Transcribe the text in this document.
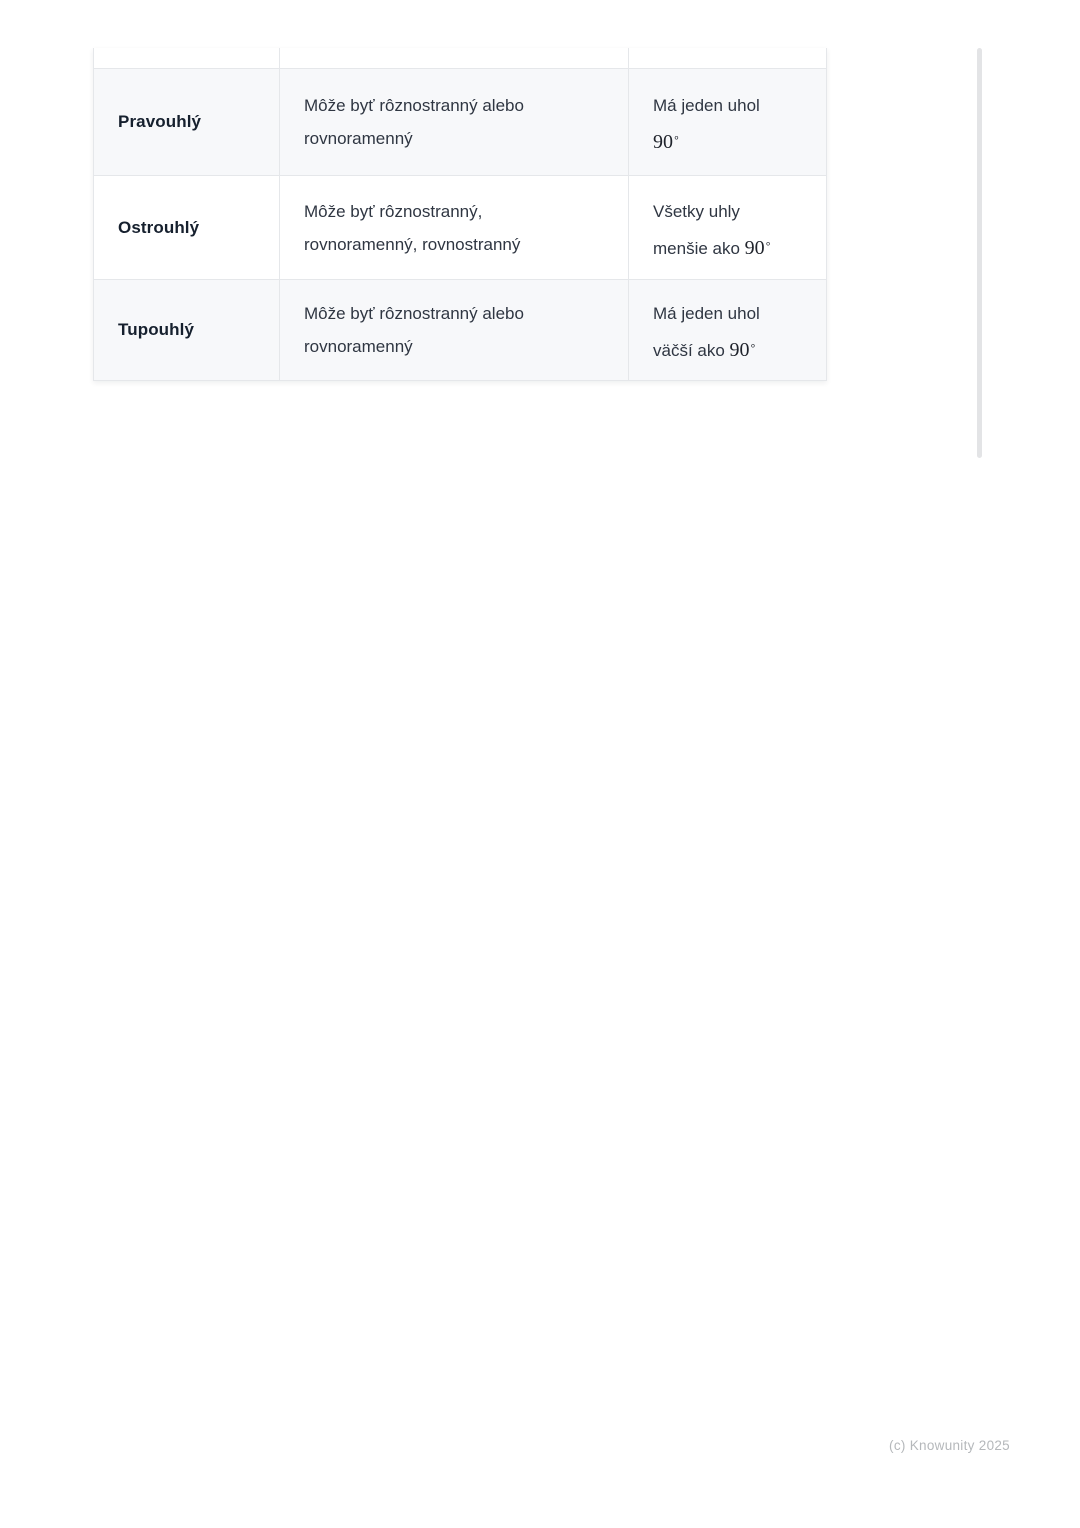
Pravouhlý
Môže byť rôznostranný alebo
rovnoramenný
Má jeden uhol
90∘
Ostrouhlý
Môže byť rôznostranný,
rovnoramenný, rovnostranný
Všetky uhly
menšie ako 90∘
Tupouhlý
Môže byť rôznostranný alebo
rovnoramenný
Má jeden uhol
väčší ako 90∘
(c) Knowunity 2025
